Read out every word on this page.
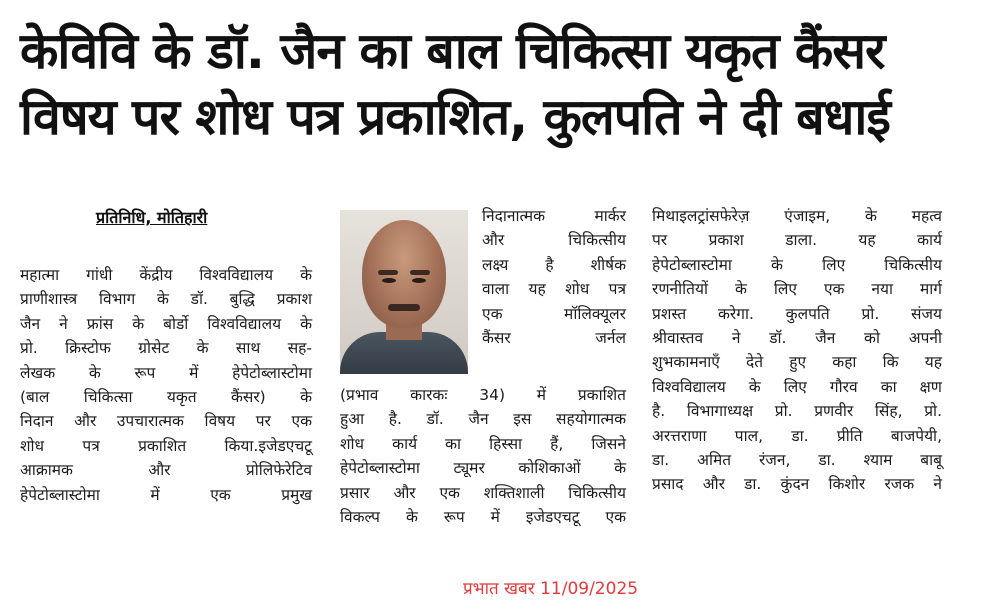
केविवि के डॉ. जैन का बाल चिकित्सा यकृत कैंसर
विषय पर शोध पत्र प्रकाशित, कुलपति ने दी बधाई
प्रतिनिधि, मोतिहारी
महात्मा गांधी केंद्रीय विश्वविद्यालय के
प्राणीशास्त्र विभाग के डॉ. बुद्धि प्रकाश
जैन ने फ्रांस के बोर्डो विश्वविद्यालय के
प्रो. क्रिस्टोफ ग्रोसेट के साथ सह-
लेखक के रूप में हेपेटोब्लास्टोमा
(बाल चिकित्सा यकृत कैंसर) के
निदान और उपचारात्मक विषय पर एक
शोध पत्र प्रकाशित किया.इजेडएचटू
आक्रामक और प्रोलिफेरेटिव
हेपेटोब्लास्टोमा में एक प्रमुख
निदानात्मक मार्कर
और चिकित्सीय
लक्ष्य है शीर्षक
वाला यह शोध पत्र
एक मॉलिक्यूलर
कैंसर जर्नल
(प्रभाव कारकः 34) में प्रकाशित
हुआ है. डॉ. जैन इस सहयोगात्मक
शोध कार्य का हिस्सा हैं, जिसने
हेपेटोब्लास्टोमा ट्यूमर कोशिकाओं के
प्रसार और एक शक्तिशाली चिकित्सीय
विकल्प के रूप में इजेडएचटू एक
मिथाइलट्रांसफेरेज़ एंजाइम, के महत्व
पर प्रकाश डाला. यह कार्य
हेपेटोब्लास्टोमा के लिए चिकित्सीय
रणनीतियों के लिए एक नया मार्ग
प्रशस्त करेगा. कुलपति प्रो. संजय
श्रीवास्तव ने डॉ. जैन को अपनी
शुभकामनाएँ देते हुए कहा कि यह
विश्वविद्यालय के लिए गौरव का क्षण
है. विभागाध्यक्ष प्रो. प्रणवीर सिंह, प्रो.
अरत्तराणा पाल, डा. प्रीति बाजपेयी,
डा. अमित रंजन, डा. श्याम बाबू
प्रसाद और डा. कुंदन किशोर रजक ने
प्रभात खबर 11/09/2025
